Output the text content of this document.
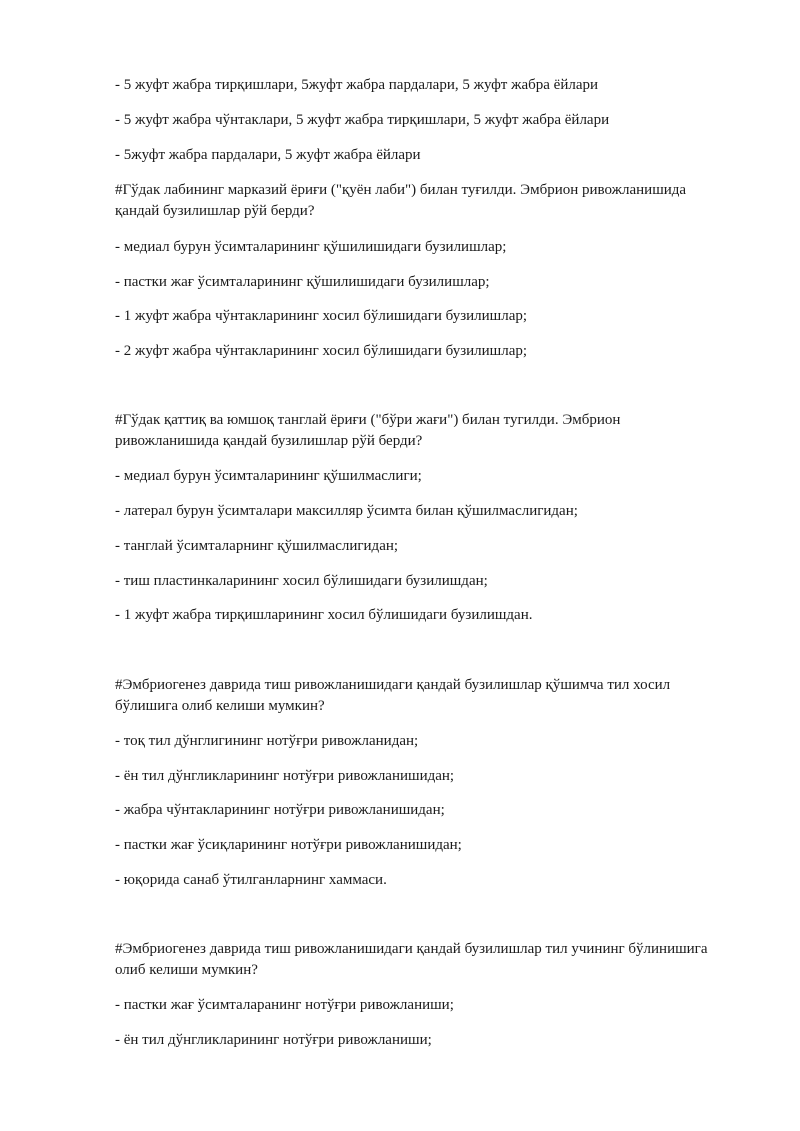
- 5 жуфт жабра тирқишлари, 5жуфт жабра пардалари, 5 жуфт жабра ёйлари
- 5 жуфт жабра чўнтаклари, 5 жуфт жабра тирқишлари, 5 жуфт жабра ёйлари
- 5жуфт жабра пардалари, 5 жуфт жабра ёйлари
#Гўдак лабининг марказий ёриғи ("қуён лаби") билан туғилди. Эмбрион ривожланишида қандай бузилишлар рўй берди?
- медиал бурун ўсимталарининг қўшилишидаги бузилишлар;
- пастки жағ ўсимталарининг қўшилишидаги бузилишлар;
- 1 жуфт жабра чўнтакларининг хосил бўлишидаги бузилишлар;
- 2 жуфт жабра чўнтакларининг хосил бўлишидаги бузилишлар;
#Гўдак қаттиқ ва юмшоқ танглай ёриғи ("бўри жағи") билан тугилди. Эмбрион ривожланишида қандай бузилишлар рўй берди?
- медиал бурун ўсимталарининг қўшилмаслиги;
- латерал бурун ўсимталари максилляр ўсимта билан қўшилмаслигидан;
- танглай ўсимталарнинг қўшилмаслигидан;
- тиш пластинкаларининг хосил бўлишидаги бузилишдан;
- 1 жуфт жабра тирқишларининг хосил бўлишидаги бузилишдан.
#Эмбриогенез даврида тиш ривожланишидаги қандай бузилишлар қўшимча тил хосил бўлишига олиб келиши мумкин?
- тоқ тил дўнглигининг нотўғри ривожланидан;
- ён тил дўнгликларининг нотўғри ривожланишидан;
- жабра чўнтакларининг нотўғри ривожланишидан;
- пастки жағ ўсиқларининг нотўғри ривожланишидан;
- юқорида санаб ўтилганларнинг хаммаси.
#Эмбриогенез даврида тиш ривожланишидаги қандай бузилишлар тил учининг бўлинишига олиб келиши мумкин?
- пастки жағ ўсимталаранинг нотўғри ривожланиши;
- ён тил дўнгликларининг нотўғри ривожланиши;
